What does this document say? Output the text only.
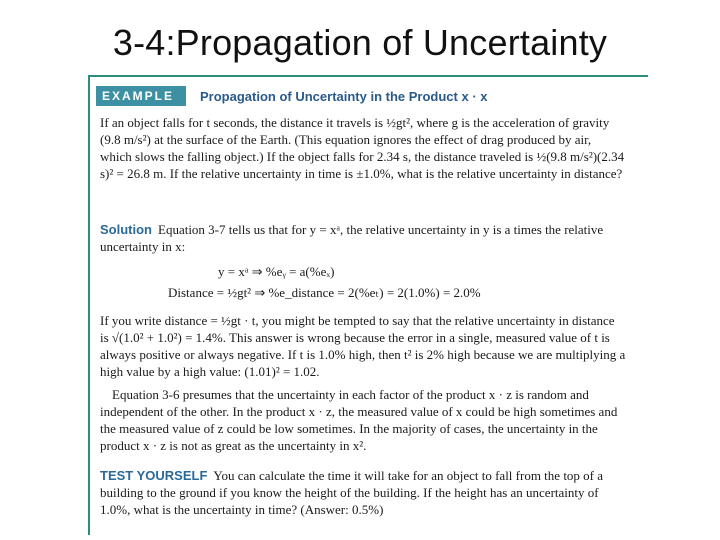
3-4:Propagation of Uncertainty
EXAMPLE Propagation of Uncertainty in the Product x · x
If an object falls for t seconds, the distance it travels is ½gt², where g is the acceleration of gravity (9.8 m/s²) at the surface of the Earth. (This equation ignores the effect of drag produced by air, which slows the falling object.) If the object falls for 2.34 s, the distance traveled is ½(9.8 m/s²)(2.34 s)² = 26.8 m. If the relative uncertainty in time is ±1.0%, what is the relative uncertainty in distance?
Solution Equation 3-7 tells us that for y = xᵃ, the relative uncertainty in y is a times the relative uncertainty in x:
y = xᵃ ⇒ %eᵧ = a(%eₓ)
Distance = ½gt² ⇒ %e_distance = 2(%eₜ) = 2(1.0%) = 2.0%
If you write distance = ½gt · t, you might be tempted to say that the relative uncertainty in distance is √(1.0² + 1.0²) = 1.4%. This answer is wrong because the error in a single, measured value of t is always positive or always negative. If t is 1.0% high, then t² is 2% high because we are multiplying a high value by a high value: (1.01)² = 1.02.
Equation 3-6 presumes that the uncertainty in each factor of the product x · z is random and independent of the other. In the product x · z, the measured value of x could be high sometimes and the measured value of z could be low sometimes. In the majority of cases, the uncertainty in the product x · z is not as great as the uncertainty in x².
TEST YOURSELF You can calculate the time it will take for an object to fall from the top of a building to the ground if you know the height of the building. If the height has an uncertainty of 1.0%, what is the uncertainty in time? (Answer: 0.5%)
